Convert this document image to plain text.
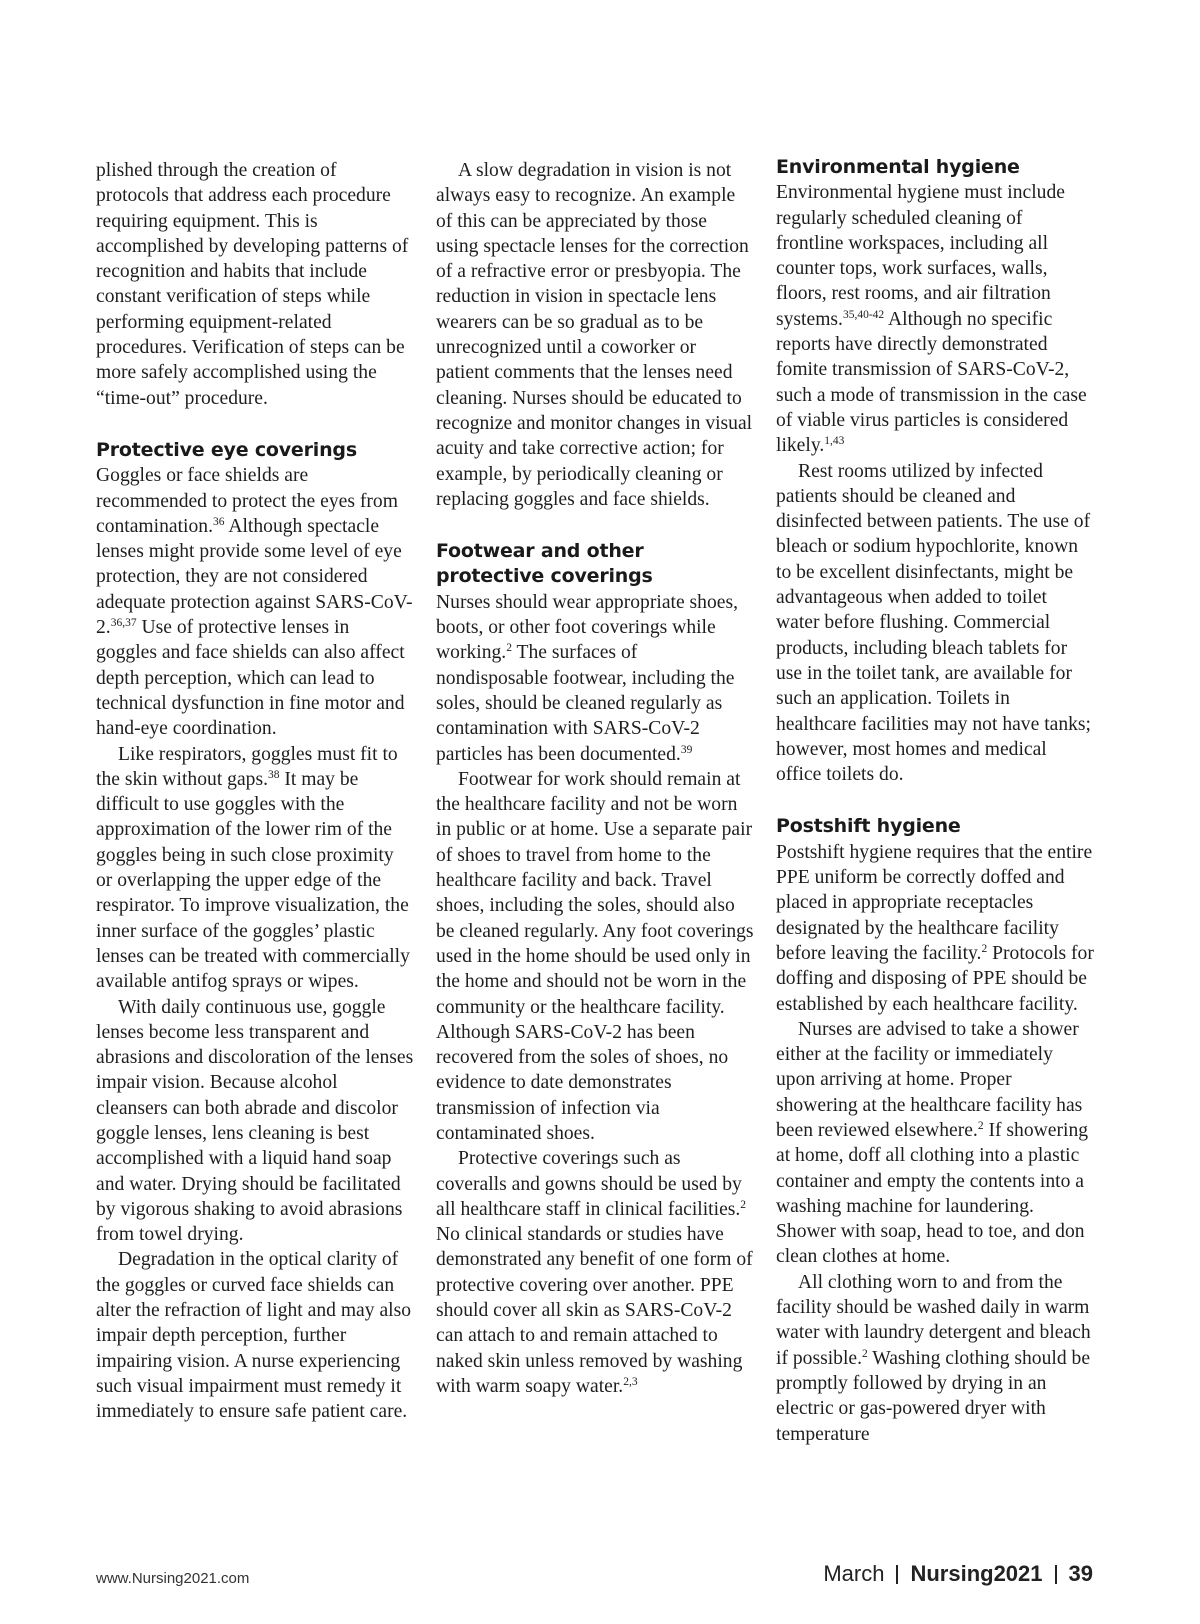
plished through the creation of protocols that address each procedure requiring equipment. This is accomplished by developing patterns of recognition and habits that include constant verification of steps while performing equipment-related procedures. Verification of steps can be more safely accomplished using the “time-out” procedure.

Protective eye coverings

Goggles or face shields are recommended to protect the eyes from contamination.$^{36}$ Although spectacle lenses might provide some level of eye protection, they are not considered adequate protection against SARS-CoV-2.$^{36,37}$ Use of protective lenses in goggles and face shields can also affect depth perception, which can lead to technical dysfunction in fine motor and hand-eye coordination.

Like respirators, goggles must fit to the skin without gaps.$^{38}$ It may be difficult to use goggles with the approximation of the lower rim of the goggles being in such close proximity or overlapping the upper edge of the respirator. To improve visualization, the inner surface of the goggles’ plastic lenses can be treated with commercially available antifog sprays or wipes.

With daily continuous use, goggle lenses become less transparent and abrasions and discoloration of the lenses impair vision. Because alcohol cleansers can both abrade and discolor goggle lenses, lens cleaning is best accomplished with a liquid hand soap and water. Drying should be facilitated by vigorous shaking to avoid abrasions from towel drying.

Degradation in the optical clarity of the goggles or curved face shields can alter the refraction of light and may also impair depth perception, further impairing vision. A nurse experiencing such visual impairment must remedy it immediately to ensure safe patient care.

A slow degradation in vision is not always easy to recognize. An example of this can be appreciated by those using spectacle lenses for the correction of a refractive error or presbyopia. The reduction in vision in spectacle lens wearers can be so gradual as to be unrecognized until a coworker or patient comments that the lenses need cleaning. Nurses should be educated to recognize and monitor changes in visual acuity and take corrective action; for example, by periodically cleaning or replacing goggles and face shields.

Footwear and other protective coverings

Nurses should wear appropriate shoes, boots, or other foot coverings while working.$^2$ The surfaces of nondisposable footwear, including the soles, should be cleaned regularly as contamination with SARS-CoV-2 particles has been documented.$^{39}$

Footwear for work should remain at the healthcare facility and not be worn in public or at home. Use a separate pair of shoes to travel from home to the healthcare facility and back. Travel shoes, including the soles, should also be cleaned regularly. Any foot coverings used in the home should be used only in the home and should not be worn in the community or the healthcare facility. Although SARS-CoV-2 has been recovered from the soles of shoes, no evidence to date demonstrates transmission of infection via contaminated shoes.

Protective coverings such as coveralls and gowns should be used by all healthcare staff in clinical facilities.$^2$ No clinical standards or studies have demonstrated any benefit of one form of protective covering over another. PPE should cover all skin as SARS-CoV-2 can attach to and remain attached to naked skin unless removed by washing with warm soapy water.$^{2,3}$

Environmental hygiene

Environmental hygiene must include regularly scheduled cleaning of frontline workspaces, including all counter tops, work surfaces, walls, floors, rest rooms, and air filtration systems.$^{35,40-42}$ Although no specific reports have directly demonstrated fomite transmission of SARS-CoV-2, such a mode of transmission in the case of viable virus particles is considered likely.$^{1,43}$

Rest rooms utilized by infected patients should be cleaned and disinfected between patients. The use of bleach or sodium hypochlorite, known to be excellent disinfectants, might be advantageous when added to toilet water before flushing. Commercial products, including bleach tablets for use in the toilet tank, are available for such an application. Toilets in healthcare facilities may not have tanks; however, most homes and medical office toilets do.

Postshift hygiene

Postshift hygiene requires that the entire PPE uniform be correctly doffed and placed in appropriate receptacles designated by the healthcare facility before leaving the facility.$^2$ Protocols for doffing and disposing of PPE should be established by each healthcare facility.

Nurses are advised to take a shower either at the facility or immediately upon arriving at home. Proper showering at the healthcare facility has been reviewed elsewhere.$^2$ If showering at home, doff all clothing into a plastic container and empty the contents into a washing machine for laundering. Shower with soap, head to toe, and don clean clothes at home.

All clothing worn to and from the facility should be washed daily in warm water with laundry detergent and bleach if possible.$^2$ Washing clothing should be promptly followed by drying in an electric or gas-powered dryer with temperature

www.Nursing2021.com	March Nursing2021 39
